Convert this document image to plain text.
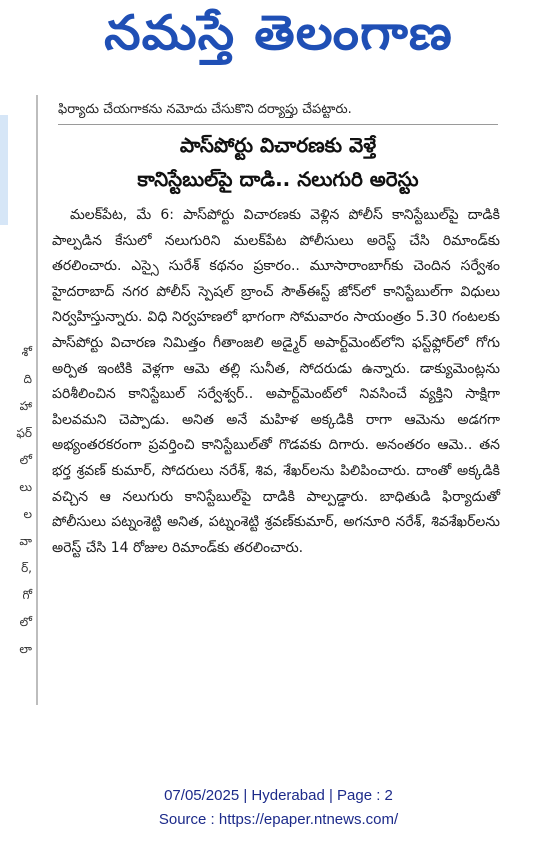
నమస్తే తెలంగాణ
శో
ది
హా
ఫర్
లో
లు
ల
వా
ర్,
గో
లో
లా
ఫిర్యాదు చేయగాకను నమోదు చేసుకొని దర్యాప్తు చేపట్టారు.
పాస్‌పోర్టు విచారణకు వెళ్తే
కానిస్టేబుల్‌పై దాడి.. నలుగురి అరెస్టు

మలక్‌పేట, మే 6: పాస్‌పోర్టు విచారణకు వెళ్లిన పోలీస్ కానిస్టేబుల్‌పై దాడికి పాల్పడిన కేసులో నలుగురిని మలక్‌పేట పోలీసులు అరెస్ట్ చేసి రిమాండ్‌కు తరలించారు. ఎస్సై సురేశ్ కథనం ప్రకారం.. మూసారాంబాగ్‌కు చెందిన సర్వేశం హైదరాబాద్ నగర పోలీస్ స్పెషల్ బ్రాంచ్ సౌత్‌ఈస్ట్ జోన్‌లో కానిస్టేబుల్‌గా విధులు నిర్వహిస్తున్నారు. విధి నిర్వహణలో భాగంగా సోమవారం సాయంత్రం 5.30 గంటలకు పాస్‌పోర్టు విచారణ నిమిత్తం గీతాంజలి అడ్మైర్ అపార్ట్‌మెంట్‌లోని ఫస్ట్‌ఫ్లోర్‌లో గోగు అర్పిత ఇంటికి వెళ్లగా ఆమె తల్లి సునీత, సోదరుడు ఉన్నారు. డాక్యుమెంట్లను పరిశీలించిన కానిస్టేబుల్ సర్వేశ్వర్.. అపార్ట్‌మెంట్‌లో నివసించే వ్యక్తిని సాక్షిగా పిలవమని చెప్పాడు. అనిత అనే మహిళ అక్కడికి రాగా ఆమెను అడగగా అభ్యంతరకరంగా ప్రవర్తించి కానిస్టేబుల్‌తో గొడవకు దిగారు. అనంతరం ఆమె.. తన భర్త శ్రవణ్ కుమార్, సోదరులు నరేశ్, శివ, శేఖర్‌లను పిలిపించారు. దాంతో అక్కడికి వచ్చిన ఆ నలుగురు కానిస్టేబుల్‌పై దాడికి పాల్పడ్డారు. బాధితుడి ఫిర్యాదుతో పోలీసులు పట్నంశెట్టి అనిత, పట్నంశెట్టి శ్రవణ్‌కుమార్, అగనూరి నరేశ్, శివశేఖర్‌లను అరెస్ట్ చేసి 14 రోజుల రిమాండ్‌కు తరలించారు.

07/05/2025 | Hyderabad | Page : 2
Source : https://epaper.ntnews.com/
